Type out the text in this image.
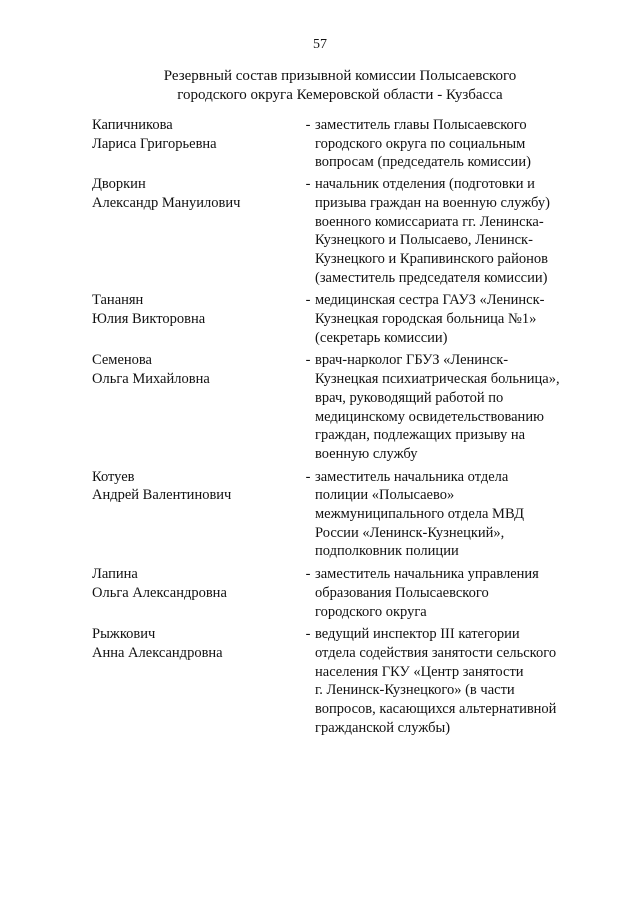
57
Резервный состав призывной комиссии Полысаевского
городского округа Кемеровской области - Кузбасса
Капичникова
Лариса Григорьевна
- заместитель главы Полысаевского
городского округа по социальным
вопросам (председатель комиссии)
Дворкин
Александр Мануилович
- начальник отделения (подготовки и
призыва граждан на военную службу)
военного комиссариата гг. Ленинска-
Кузнецкого и Полысаево, Ленинск-
Кузнецкого и Крапивинского районов
(заместитель председателя комиссии)
Тананян
Юлия Викторовна
- медицинская сестра ГАУЗ «Ленинск-
Кузнецкая городская больница №1»
(секретарь комиссии)
Семенова
Ольга Михайловна
- врач-нарколог ГБУЗ «Ленинск-
Кузнецкая психиатрическая больница»,
врач, руководящий работой по
медицинскому освидетельствованию
граждан, подлежащих призыву на
военную службу
Котуев
Андрей Валентинович
- заместитель начальника отдела
полиции «Полысаево»
межмуниципального отдела МВД
России «Ленинск-Кузнецкий»,
подполковник полиции
Лапина
Ольга Александровна
- заместитель начальника управления
образования Полысаевского
городского округа
Рыжкович
Анна Александровна
- ведущий инспектор III категории
отдела содействия занятости сельского
населения ГКУ «Центр занятости
г. Ленинск-Кузнецкого» (в части
вопросов, касающихся альтернативной
гражданской службы)
